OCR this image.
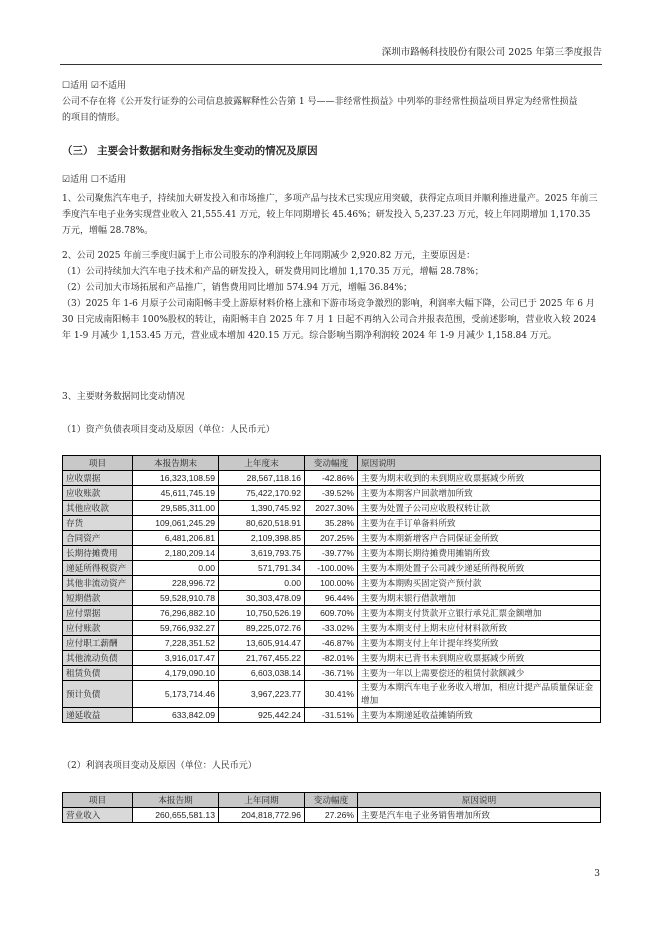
深圳市路畅科技股份有限公司 2025 年第三季度报告

☐适用 ☑不适用

公司不存在将《公开发行证券的公司信息披露解释性公告第 1 号——非经常性损益》中列举的非经常性损益项目界定为经常性损益的项目的情形。

（三） 主要会计数据和财务指标发生变动的情况及原因

☑适用 ☐不适用

1、公司聚焦汽车电子，持续加大研发投入和市场推广，多项产品与技术已实现应用突破，获得定点项目并顺利推进量产。2025 年前三季度汽车电子业务实现营业收入 21,555.41 万元，较上年同期增长 45.46%；研发投入 5,237.23 万元，较上年同期增加 1,170.35 万元，增幅 28.78%。

2、公司 2025 年前三季度归属于上市公司股东的净利润较上年同期减少 2,920.82 万元，主要原因是：

（1）公司持续加大汽车电子技术和产品的研发投入，研发费用同比增加 1,170.35 万元，增幅 28.78%；

（2）公司加大市场拓展和产品推广，销售费用同比增加 574.94 万元，增幅 36.84%；

（3）2025 年 1-6 月原子公司南阳畅丰受上游原材料价格上涨和下游市场竞争激烈的影响，利润率大幅下降，公司已于 2025 年 6 月 30 日完成南阳畅丰 100%股权的转让，南阳畅丰自 2025 年 7 月 1 日起不再纳入公司合并报表范围，受前述影响，营业收入较 2024 年 1-9 月减少 1,153.45 万元，营业成本增加 420.15 万元。综合影响当期净利润较 2024 年 1-9 月减少 1,158.84 万元。

3、主要财务数据同比变动情况

（1）资产负债表项目变动及原因（单位：人民币元）

项目	本报告期末	上年度末	变动幅度	原因说明
应收票据	16,323,108.59	28,567,118.16	-42.86%	主要为期末收到的未到期应收票据减少所致
应收账款	45,611,745.19	75,422,170.92	-39.52%	主要为本期客户回款增加所致
其他应收款	29,585,311.00	1,390,745.92	2027.30%	主要为处置子公司应收股权转让款
存货	109,061,245.29	80,620,518.91	35.28%	主要为在手订单备料所致
合同资产	6,481,206.81	2,109,398.85	207.25%	主要为本期新增客户合同保证金所致
长期待摊费用	2,180,209.14	3,619,793.75	-39.77%	主要为本期长期待摊费用摊销所致
递延所得税资产	0.00	571,791.34	-100.00%	主要为本期处置子公司减少递延所得税所致
其他非流动资产	228,996.72	0.00	100.00%	主要为本期购买固定资产预付款
短期借款	59,528,910.78	30,303,478.09	96.44%	主要为期末银行借款增加
应付票据	76,296,882.10	10,750,526.19	609.70%	主要为本期支付货款开立银行承兑汇票金额增加
应付账款	59,766,932.27	89,225,072.76	-33.02%	主要为本期支付上期末应付材料款所致
应付职工薪酬	7,228,351.52	13,605,914.47	-46.87%	主要为本期支付上年计提年终奖所致
其他流动负债	3,916,017.47	21,767,455.22	-82.01%	主要为期末已背书未到期应收票据减少所致
租赁负债	4,179,090.10	6,603,038.14	-36.71%	主要为一年以上需要偿还的租赁付款额减少
预计负债	5,173,714.46	3,967,223.77	30.41%	主要为本期汽车电子业务收入增加，相应计提产品质量保证金增加
递延收益	633,842.09	925,442.24	-31.51%	主要为本期递延收益摊销所致

（2）利润表项目变动及原因（单位：人民币元）

项目	本报告期	上年同期	变动幅度	原因说明
营业收入	260,655,581.13	204,818,772.96	27.26%	主要是汽车电子业务销售增加所致
3
